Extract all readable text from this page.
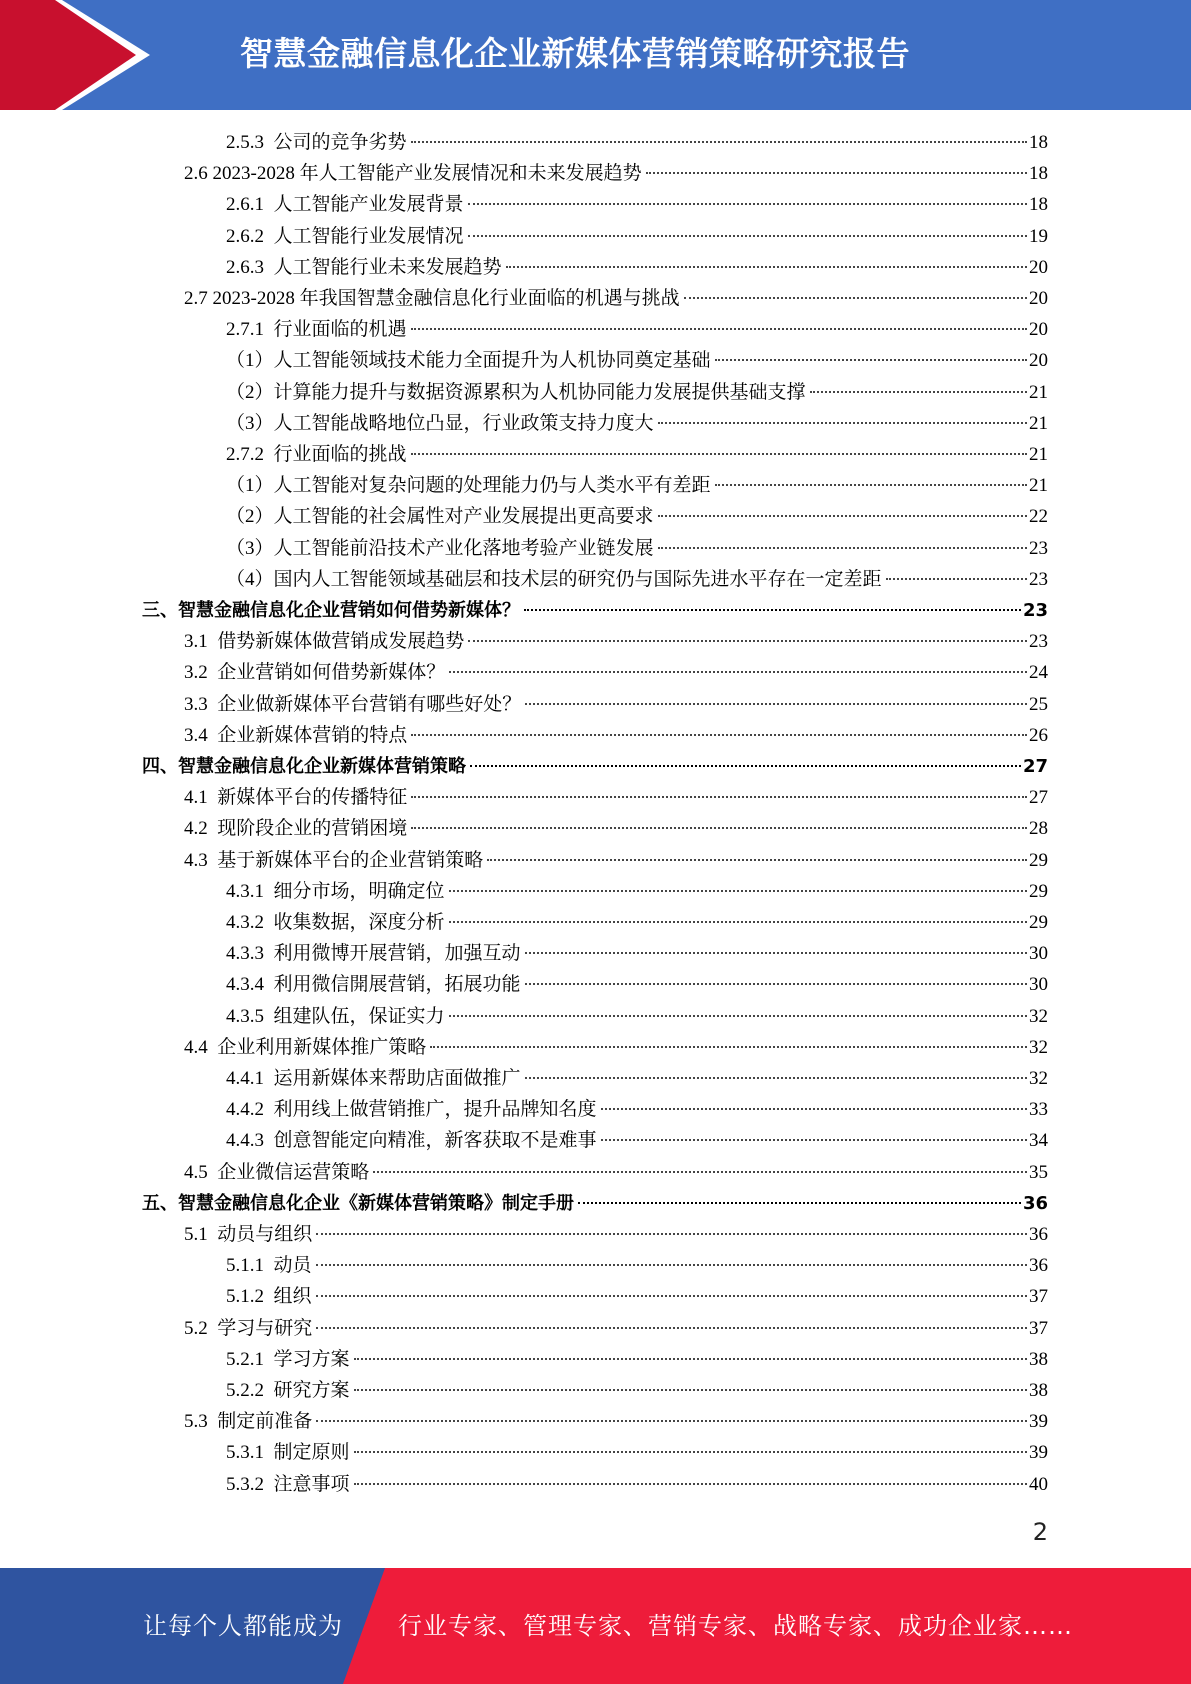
智慧金融信息化企业新媒体营销策略研究报告
2.5.3 公司的竞争劣势	18
2.6 2023-2028 年人工智能产业发展情况和未来发展趋势	18
2.6.1 人工智能产业发展背景	18
2.6.2 人工智能行业发展情况	19
2.6.3 人工智能行业未来发展趋势	20
2.7 2023-2028 年我国智慧金融信息化行业面临的机遇与挑战	20
2.7.1 行业面临的机遇	20
（1）人工智能领域技术能力全面提升为人机协同奠定基础	20
（2）计算能力提升与数据资源累积为人机协同能力发展提供基础支撑	21
（3）人工智能战略地位凸显，行业政策支持力度大	21
2.7.2 行业面临的挑战	21
（1）人工智能对复杂问题的处理能力仍与人类水平有差距	21
（2）人工智能的社会属性对产业发展提出更高要求	22
（3）人工智能前沿技术产业化落地考验产业链发展	23
（4）国内人工智能领域基础层和技术层的研究仍与国际先进水平存在一定差距	23
三、 智慧金融信息化企业营销如何借势新媒体？	23
3.1 借势新媒体做营销成发展趋势	23
3.2 企业营销如何借势新媒体？	24
3.3 企业做新媒体平台营销有哪些好处？	25
3.4 企业新媒体营销的特点	26
四、 智慧金融信息化企业新媒体营销策略	27
4.1 新媒体平台的传播特征	27
4.2 现阶段企业的营销困境	28
4.3 基于新媒体平台的企业营销策略	29
4.3.1 细分市场，明确定位	29
4.3.2 收集数据，深度分析	29
4.3.3 利用微博开展营销，加强互动	30
4.3.4 利用微信開展营销，拓展功能	30
4.3.5 组建队伍，保证实力	32
4.4 企业利用新媒体推广策略	32
4.4.1 运用新媒体来帮助店面做推广	32
4.4.2 利用线上做营销推广，提升品牌知名度	33
4.4.3 创意智能定向精准，新客获取不是难事	34
4.5 企业微信运营策略	35
五、 智慧金融信息化企业《新媒体营销策略》制定手册	36
5.1 动员与组织	36
5.1.1 动员	36
5.1.2 组织	37
5.2 学习与研究	37
5.2.1 学习方案	38
5.2.2 研究方案	38
5.3 制定前准备	39
5.3.1 制定原则	39
5.3.2 注意事项	40
2
让每个人都能成为 行业专家、管理专家、营销专家、战略专家、成功企业家……
